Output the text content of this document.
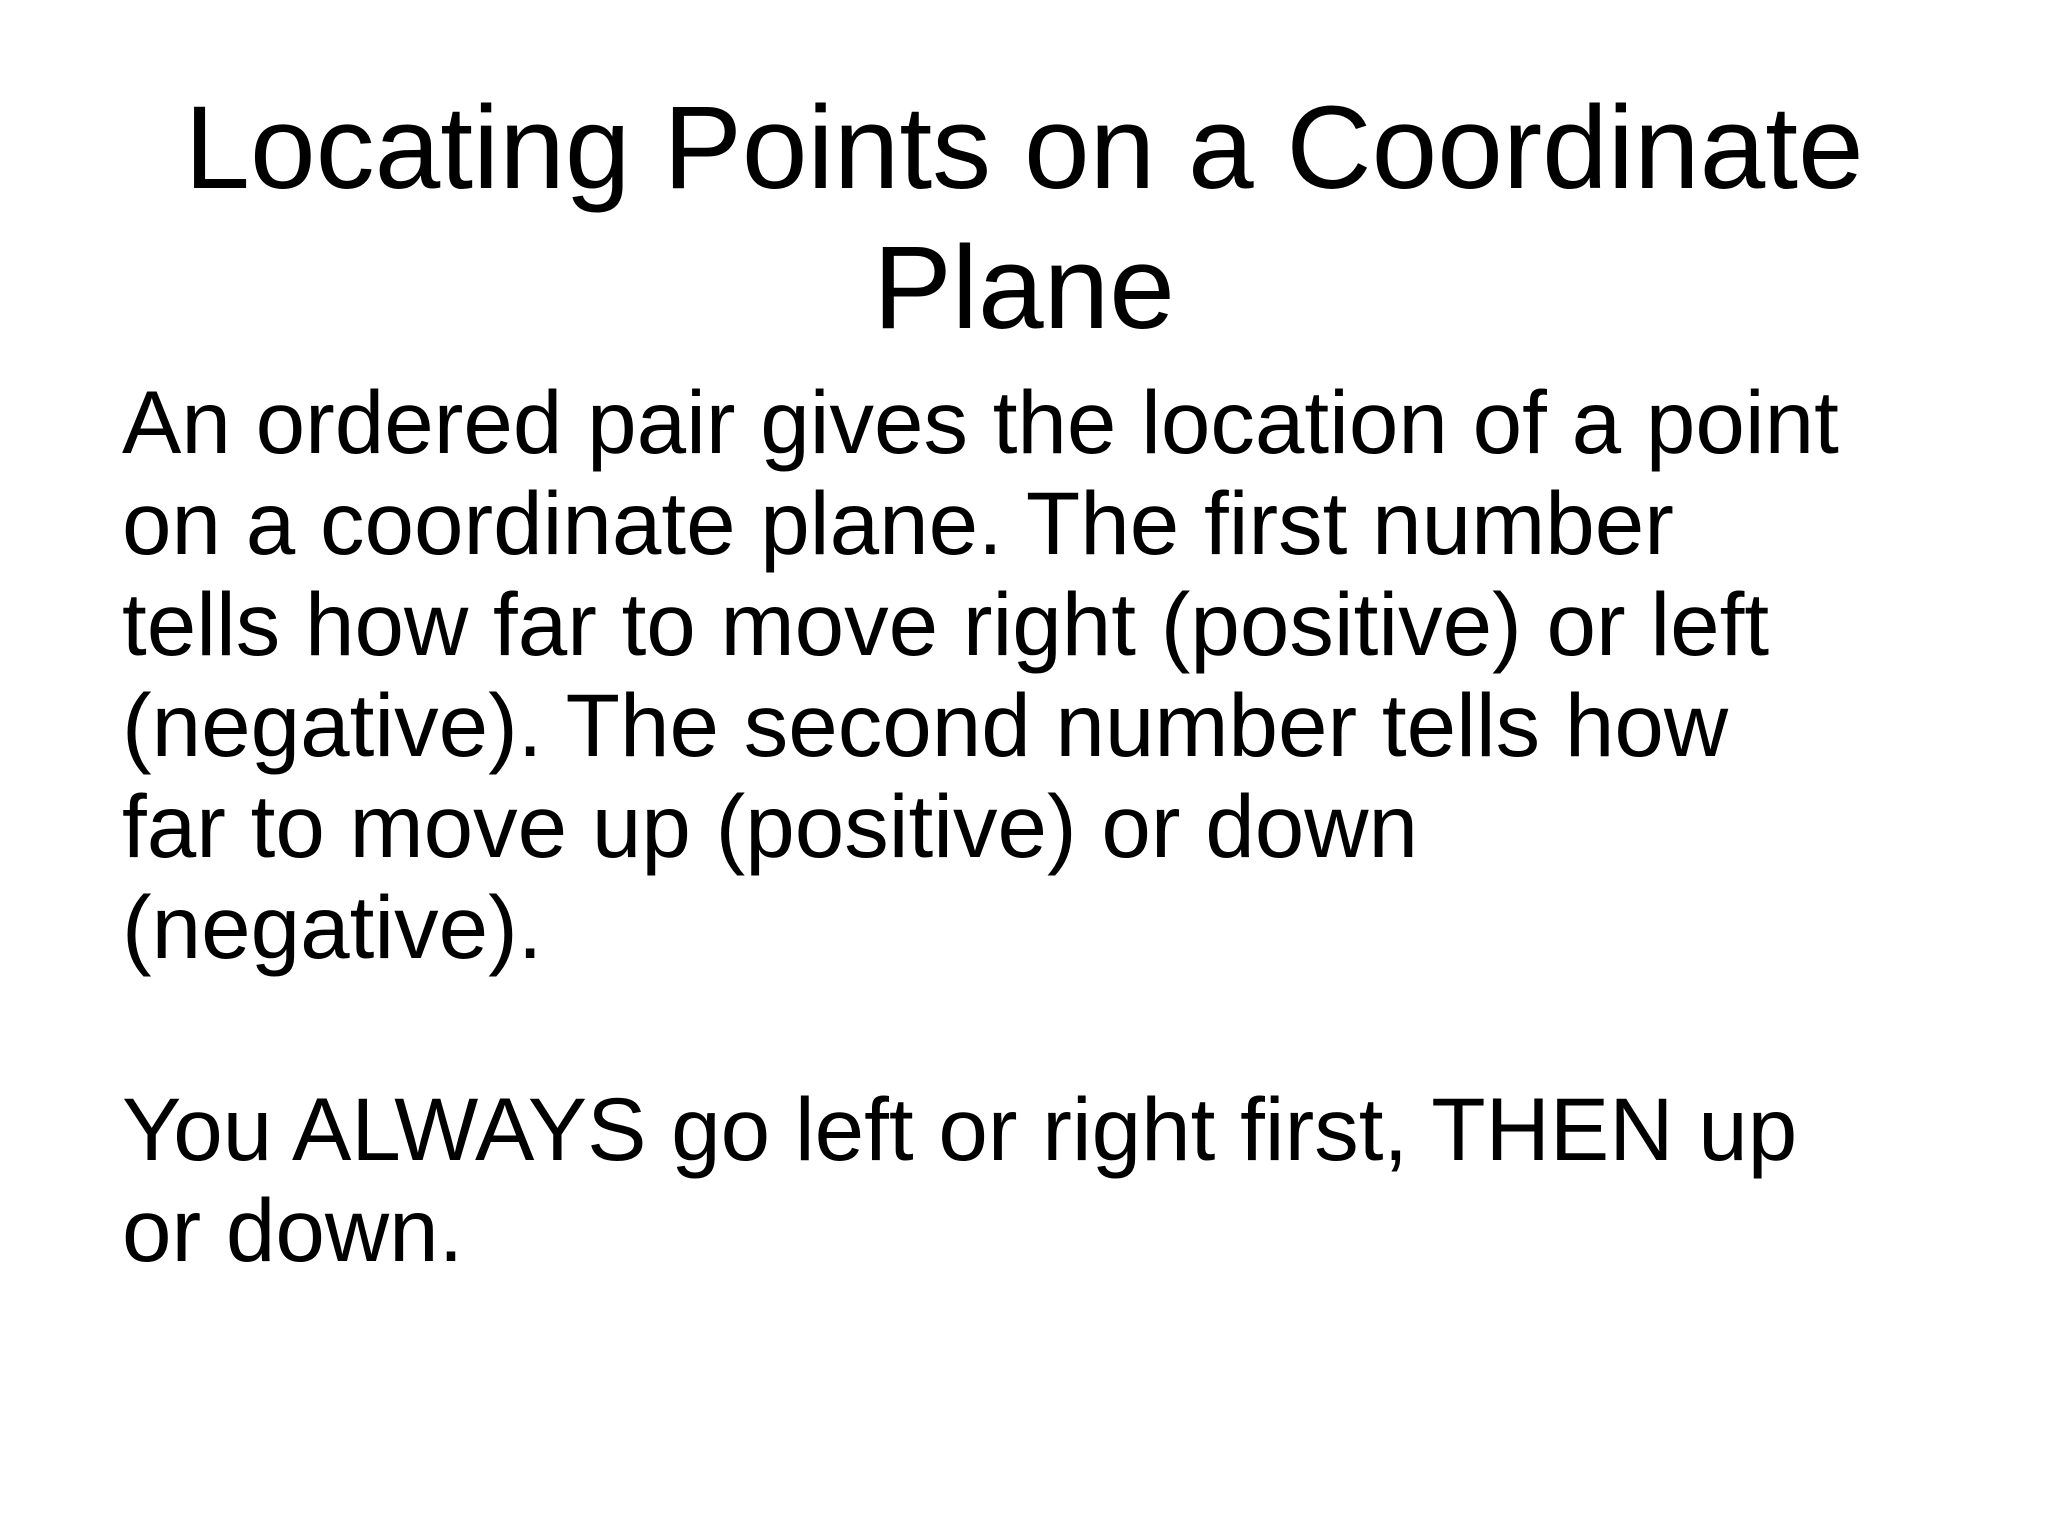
Locating Points on a Coordinate
Plane

An ordered pair gives the location of a point
on a coordinate plane. The first number
tells how far to move right (positive) or left
(negative). The second number tells how
far to move up (positive) or down
(negative).

You ALWAYS go left or right first, THEN up
or down.
